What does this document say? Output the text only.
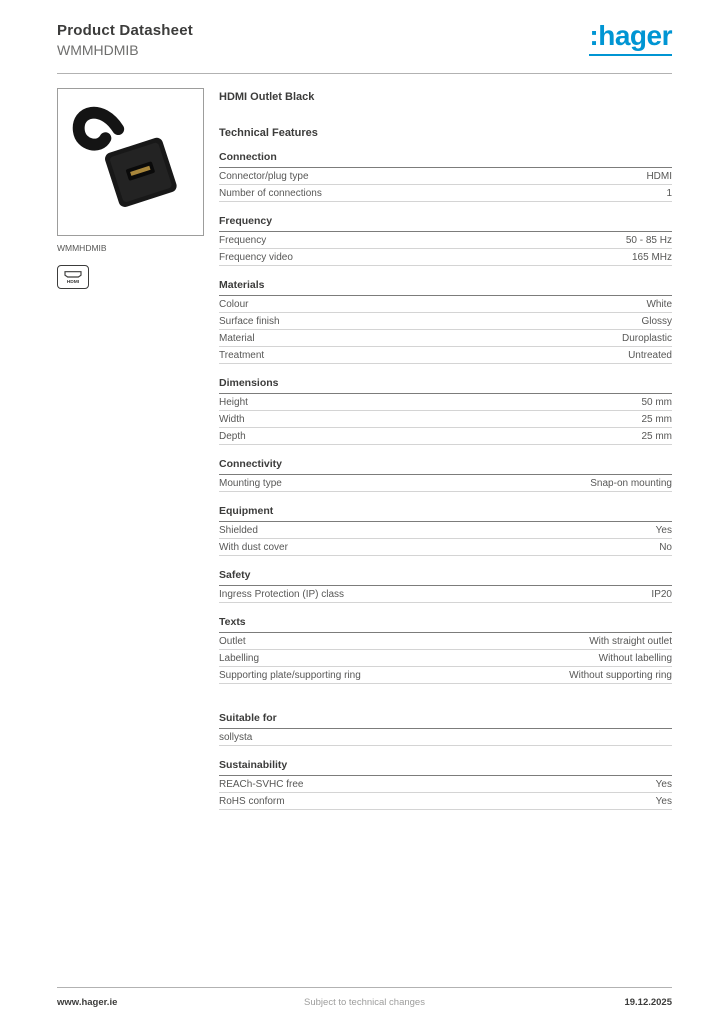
Product Datasheet
WMMHDMIB	:hager
WMMHDMIB
HDMI
HDMI Outlet Black
Technical Features
Connection
Connector/plug type	HDMI
Number of connections	1
Frequency
Frequency	50 - 85 Hz
Frequency video	165 MHz
Materials
Colour	White
Surface finish	Glossy
Material	Duroplastic
Treatment	Untreated
Dimensions
Height	50 mm
Width	25 mm
Depth	25 mm
Connectivity
Mounting type	Snap-on mounting
Equipment
Shielded	Yes
With dust cover	No
Safety
Ingress Protection (IP) class	IP20
Texts
Outlet	With straight outlet
Labelling	Without labelling
Supporting plate/supporting ring	Without supporting ring
Suitable for
sollysta
Sustainability
REACh-SVHC free	Yes
RoHS conform	Yes
www.hager.ie	Subject to technical changes	19.12.2025
